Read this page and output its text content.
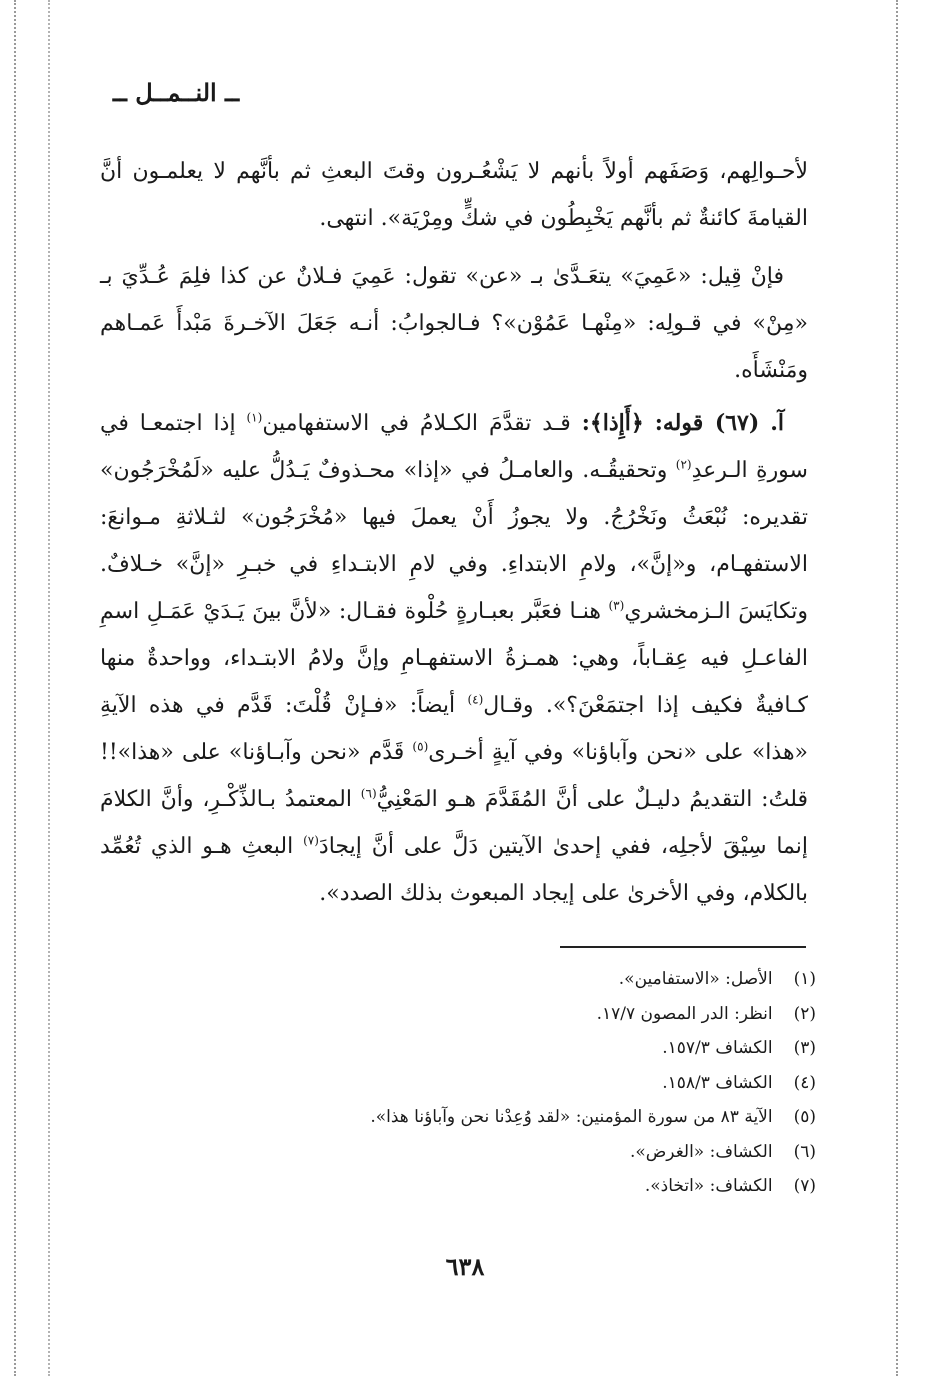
ــ النــمــل ــ
لأحـوالِهم، وَصَفَهم أولاً بأنهم لا يَشْعُـرون وقتَ البعثِ ثم بأنَّهم لا يعلمـون أنَّ القيامةَ كائنةٌ ثم بأنَّهم يَخْبِطُون في شكٍّ ومِرْيَة». انتهى.
فإنْ قِيل: «عَمِيَ» يتعَـدَّىٰ بـ «عن» تقول: عَمِيَ فـلانٌ عن كذا فلِمَ عُـدِّيَ بـ «مِنْ» في قـولِه: «مِنْهـا عَمُوْن»؟ فـالجوابُ: أنـه جَعَلَ الآخـرةَ مَبْدأَ عَمـاهم ومَنْشَأَه.
آ. (٦٧) قوله: ﴿أَإِذا﴾: قـد تقدَّمَ الكـلامُ في الاستفهامين$^{(١)}$ إذا اجتمعـا في سورةِ الـرعدِ$^{(٢)}$ وتحقيقُـه. والعامـلُ في «إذا» محـذوفٌ يَـدُلُّ عليه «لَمُخْرَجُون» تقديره: نُبْعَثُ ونَخْرُجُ. ولا يجوزُ أَنْ يعملَ فيها «مُخْرَجُون» لثـلاثةِ مـوانعَ: الاستفهـام، و«إنَّ»، ولامِ الابتداءِ. وفي لامِ الابتـداءِ في خبـرِ «إنَّ» خـلافٌ. وتكايَسَ الـزمخشري$^{(٣)}$ هنـا فعَبَّر بعبـارةٍ حُلْوة فقـال: «لأنَّ بينَ يَـدَيْ عَمَـلِ اسمِ الفاعـلِ فيه عِقـاباً، وهي: همـزةُ الاستفهـامِ وإنَّ ولامُ الابتـداء، وواحدةٌ منها كـافيةٌ فكيف إذا اجتمَعْنَ؟». وقـال$^{(٤)}$ أيضاً: «فـإنْ قُلْتَ: قَدَّم في هذه الآيةِ «هذا» على «نحن وآباؤنا» وفي آيةٍ أخـرى$^{(٥)}$ قَدَّم «نحن وآبـاؤنا» على «هذا»!! قلتُ: التقديمُ دليـلٌ على أنَّ المُقَدَّمَ هـو المَعْنِيُّ$^{(٦)}$ المعتمدُ بـالذِّكْـرِ، وأنَّ الكلامَ إنما سِيْقَ لأجلِه، ففي إحدىٰ الآيتين دَلَّ على أنَّ إيجادَ$^{(٧)}$ البعثِ هـو الذي تُعُمِّد بالكلام، وفي الأخرىٰ على إيجاد المبعوث بذلك الصدد».
(١) الأصل: «الاستفامين».
(٢) انظر: الدر المصون ١٧/٧.
(٣) الكشاف ١٥٧/٣.
(٤) الكشاف ١٥٨/٣.
(٥) الآية ٨٣ من سورة المؤمنين: «لقد وُعِدْنا نحن وآباؤنا هذا».
(٦) الكشاف: «الغرض».
(٧) الكشاف: «اتخاذ».
٦٣٨
